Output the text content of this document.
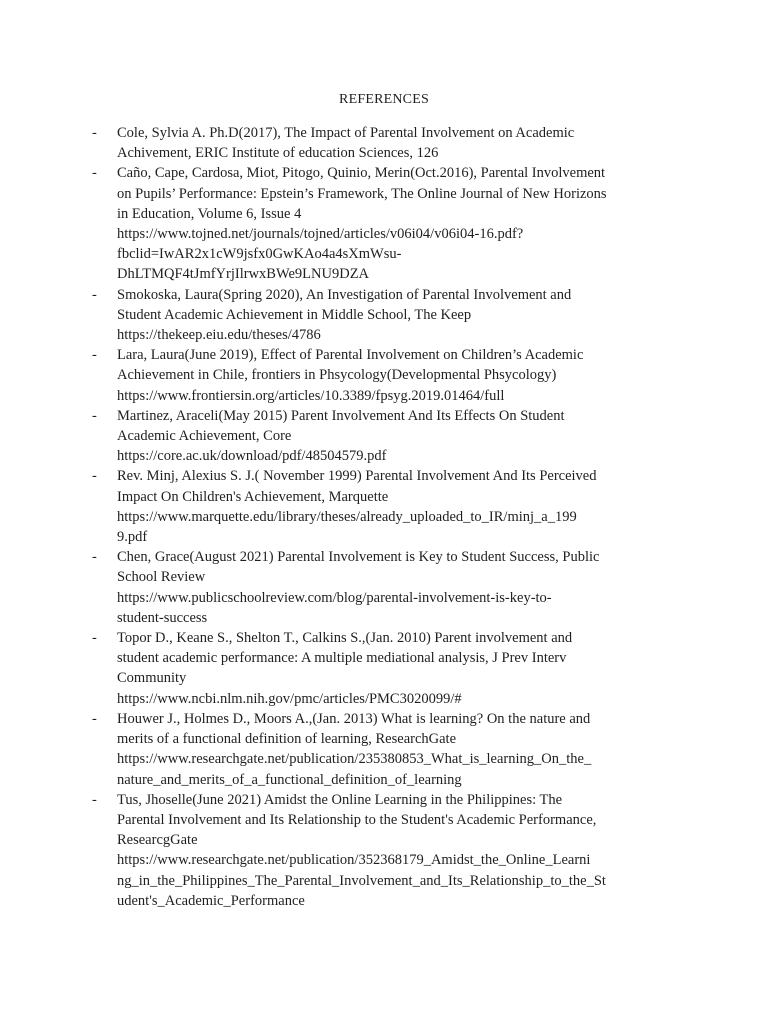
REFERENCES
-	Cole, Sylvia A. Ph.D(2017), The Impact of Parental Involvement on Academic
Achivement, ERIC Institute of education Sciences, 126
-	Caño, Cape, Cardosa, Miot, Pitogo, Quinio, Merin(Oct.2016), Parental Involvement
on Pupils’ Performance: Epstein’s Framework, The Online Journal of New Horizons
in Education, Volume 6, Issue 4
https://www.tojned.net/journals/tojned/articles/v06i04/v06i04-16.pdf?
fbclid=IwAR2x1cW9jsfx0GwKAo4a4sXmWsu-
DhLTMQF4tJmfYrjIlrwxBWe9LNU9DZA
-	Smokoska, Laura(Spring 2020), An Investigation of Parental Involvement and
Student Academic Achievement in Middle School, The Keep
https://thekeep.eiu.edu/theses/4786
-	Lara, Laura(June 2019), Effect of Parental Involvement on Children’s Academic
Achievement in Chile, frontiers in Phsycology(Developmental Phsycology)
https://www.frontiersin.org/articles/10.3389/fpsyg.2019.01464/full
-	Martinez, Araceli(May 2015) Parent Involvement And Its Effects On Student
Academic Achievement, Core
https://core.ac.uk/download/pdf/48504579.pdf
-	Rev. Minj, Alexius S. J.( November 1999) Parental Involvement And Its Perceived
Impact On Children's Achievement, Marquette
https://www.marquette.edu/library/theses/already_uploaded_to_IR/minj_a_199
9.pdf
-	Chen, Grace(August 2021) Parental Involvement is Key to Student Success, Public
School Review
https://www.publicschoolreview.com/blog/parental-involvement-is-key-to-
student-success
-	Topor D., Keane S., Shelton T., Calkins S.,(Jan. 2010) Parent involvement and
student academic performance: A multiple mediational analysis, J Prev Interv
Community
https://www.ncbi.nlm.nih.gov/pmc/articles/PMC3020099/#
-	Houwer J., Holmes D., Moors A.,(Jan. 2013) What is learning? On the nature and
merits of a functional definition of learning, ResearchGate
https://www.researchgate.net/publication/235380853_What_is_learning_On_the_
nature_and_merits_of_a_functional_definition_of_learning
-	Tus, Jhoselle(June 2021) Amidst the Online Learning in the Philippines: The
Parental Involvement and Its Relationship to the Student's Academic Performance,
ResearcgGate
https://www.researchgate.net/publication/352368179_Amidst_the_Online_Learni
ng_in_the_Philippines_The_Parental_Involvement_and_Its_Relationship_to_the_St
udent's_Academic_Performance
